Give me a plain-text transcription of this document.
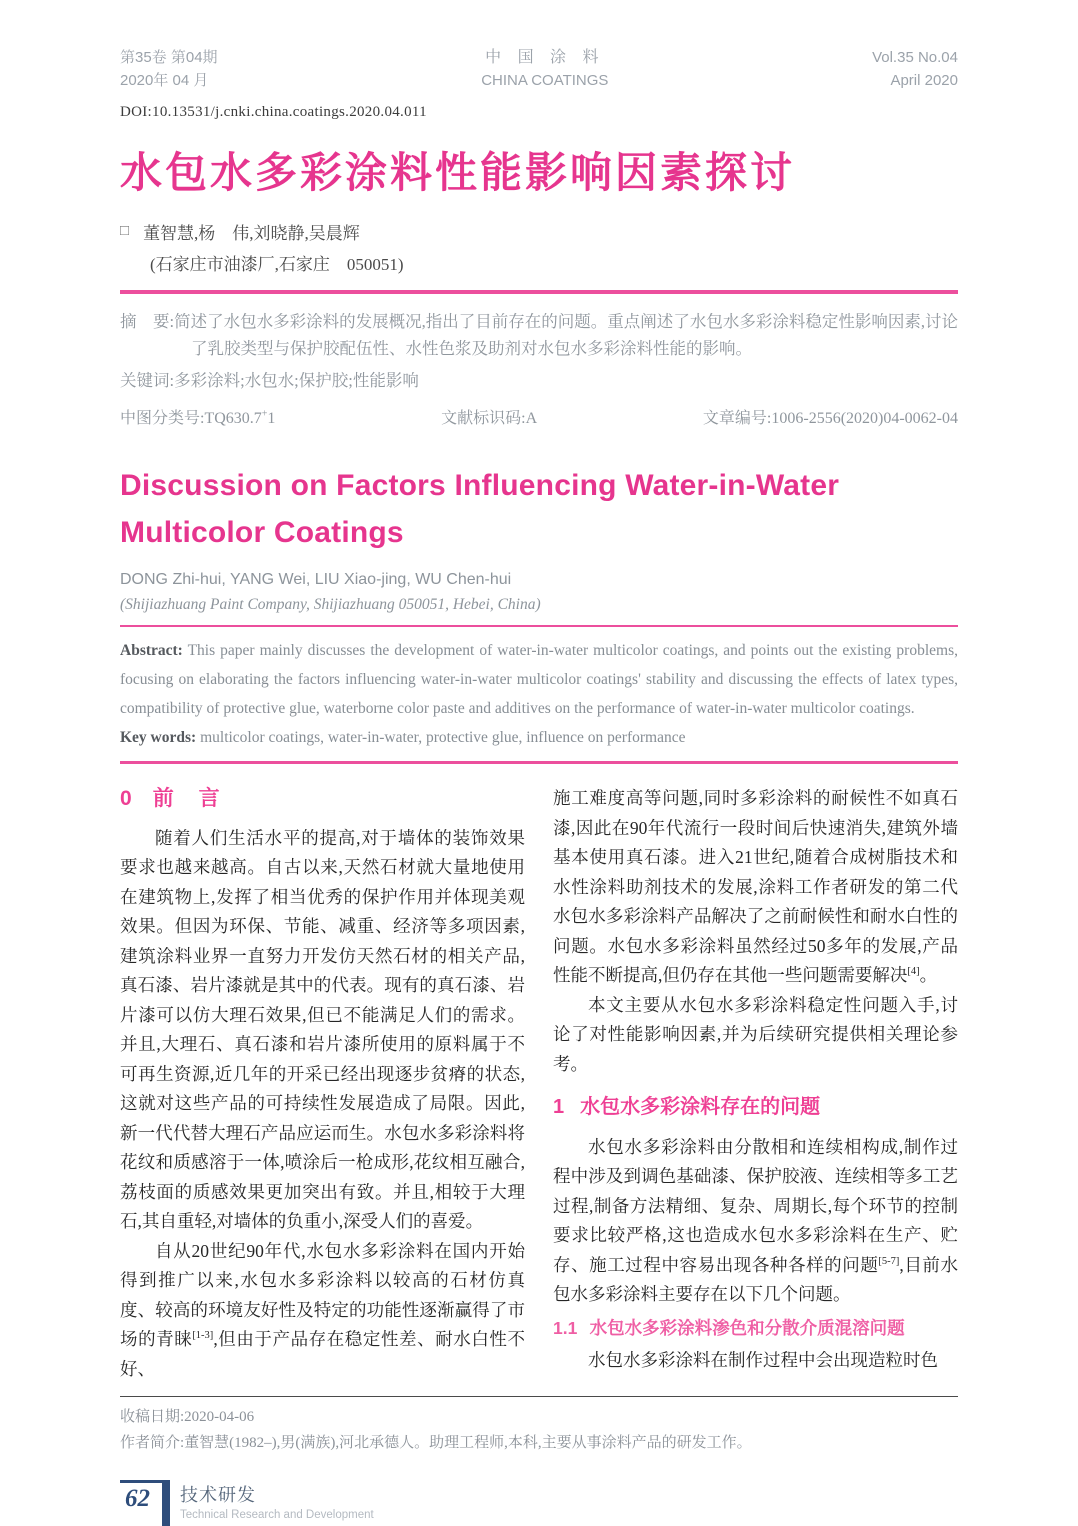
第35卷 第04期
2020年 04 月
中 国 涂 料
CHINA COATINGS
Vol.35 No.04
April 2020
DOI:10.13531/j.cnki.china.coatings.2020.04.011
水包水多彩涂料性能影响因素探讨
□ 董智慧,杨　伟,刘晓静,吴晨辉
(石家庄市油漆厂,石家庄　050051)
摘　要:简述了水包水多彩涂料的发展概况,指出了目前存在的问题。重点阐述了水包水多彩涂料稳定性影响因素,讨论了乳胶类型与保护胶配伍性、水性色浆及助剂对水包水多彩涂料性能的影响。
关键词:多彩涂料;水包水;保护胶;性能影响
中图分类号:TQ630.7+1	文献标识码:A	文章编号:1006-2556(2020)04-0062-04
Discussion on Factors Influencing Water-in-Water Multicolor Coatings
DONG Zhi-hui, YANG Wei, LIU Xiao-jing, WU Chen-hui
(Shijiazhuang Paint Company, Shijiazhuang 050051, Hebei, China)
Abstract: This paper mainly discusses the development of water-in-water multicolor coatings, and points out the existing problems, focusing on elaborating the factors influencing water-in-water multicolor coatings' stability and discussing the effects of latex types, compatibility of protective glue, waterborne color paste and additives on the performance of water-in-water multicolor coatings.
Key words: multicolor coatings, water-in-water, protective glue, influence on performance
0 前　言

随着人们生活水平的提高,对于墙体的装饰效果要求也越来越高。自古以来,天然石材就大量地使用在建筑物上,发挥了相当优秀的保护作用并体现美观效果。但因为环保、节能、减重、经济等多项因素,建筑涂料业界一直努力开发仿天然石材的相关产品,真石漆、岩片漆就是其中的代表。现有的真石漆、岩片漆可以仿大理石效果,但已不能满足人们的需求。并且,大理石、真石漆和岩片漆所使用的原料属于不可再生资源,近几年的开采已经出现逐步贫瘠的状态,这就对这些产品的可持续性发展造成了局限。因此,新一代代替大理石产品应运而生。水包水多彩涂料将花纹和质感溶于一体,喷涂后一枪成形,花纹相互融合,荔枝面的质感效果更加突出有致。并且,相较于大理石,其自重轻,对墙体的负重小,深受人们的喜爱。

自从20世纪90年代,水包水多彩涂料在国内开始得到推广以来,水包水多彩涂料以较高的石材仿真度、较高的环境友好性及特定的功能性逐渐赢得了市场的青睐[1-3],但由于产品存在稳定性差、耐水白性不好、

施工难度高等问题,同时多彩涂料的耐候性不如真石漆,因此在90年代流行一段时间后快速消失,建筑外墙基本使用真石漆。进入21世纪,随着合成树脂技术和水性涂料助剂技术的发展,涂料工作者研发的第二代水包水多彩涂料产品解决了之前耐候性和耐水白性的问题。水包水多彩涂料虽然经过50多年的发展,产品性能不断提高,但仍存在其他一些问题需要解决[4]。

本文主要从水包水多彩涂料稳定性问题入手,讨论了对性能影响因素,并为后续研究提供相关理论参考。

1 水包水多彩涂料存在的问题

水包水多彩涂料由分散相和连续相构成,制作过程中涉及到调色基础漆、保护胶液、连续相等多工艺过程,制备方法精细、复杂、周期长,每个环节的控制要求比较严格,这也造成水包水多彩涂料在生产、贮存、施工过程中容易出现各种各样的问题[5-7],目前水包水多彩涂料主要存在以下几个问题。

1.1 水包水多彩涂料渗色和分散介质混溶问题

水包水多彩涂料在制作过程中会出现造粒时色

收稿日期:2020-04-06
作者简介:董智慧(1982–),男(满族),河北承德人。助理工程师,本科,主要从事涂料产品的研发工作。
62	技术研发
Technical Research and Development
